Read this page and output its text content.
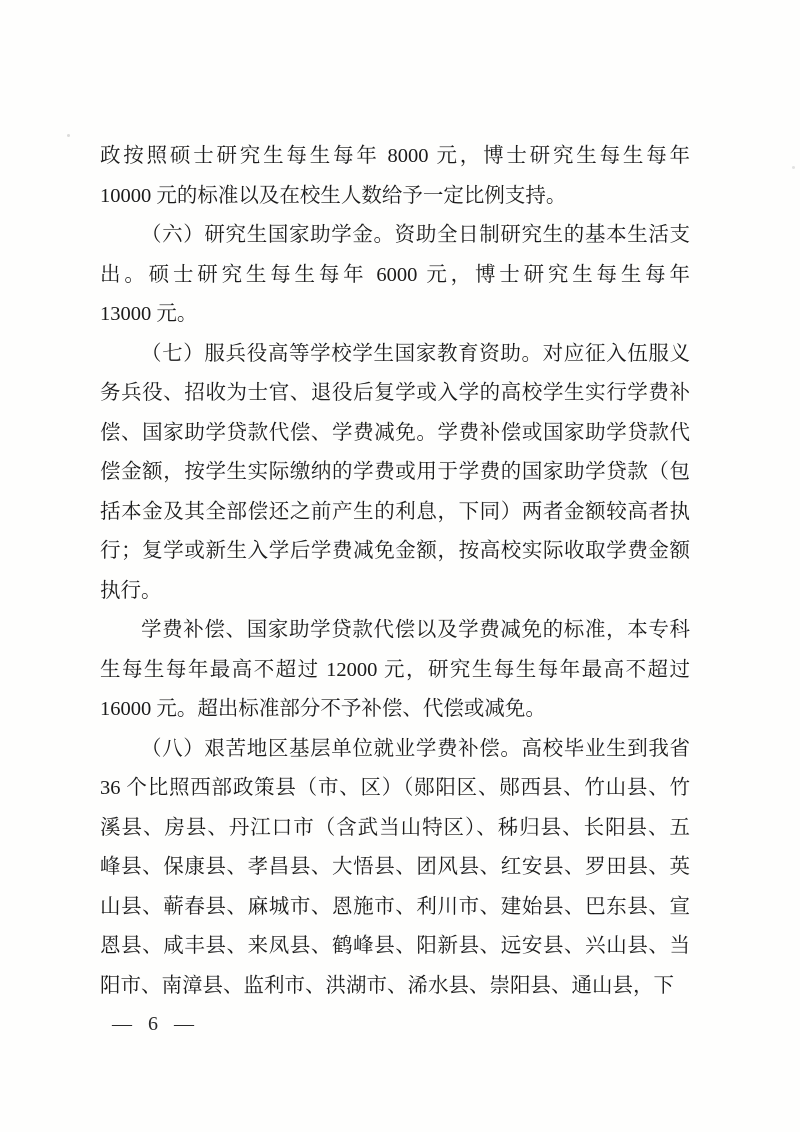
政按照硕士研究生每生每年 8000 元，博士研究生每生每年
10000 元的标准以及在校生人数给予一定比例支持。
（六）研究生国家助学金。资助全日制研究生的基本生活支
出。硕士研究生每生每年 6000 元，博士研究生每生每年
13000 元。
（七）服兵役高等学校学生国家教育资助。对应征入伍服义
务兵役、招收为士官、退役后复学或入学的高校学生实行学费补
偿、国家助学贷款代偿、学费减免。学费补偿或国家助学贷款代
偿金额，按学生实际缴纳的学费或用于学费的国家助学贷款（包
括本金及其全部偿还之前产生的利息，下同）两者金额较高者执
行；复学或新生入学后学费减免金额，按高校实际收取学费金额
执行。
学费补偿、国家助学贷款代偿以及学费减免的标准，本专科
生每生每年最高不超过 12000 元，研究生每生每年最高不超过
16000 元。超出标准部分不予补偿、代偿或减免。
（八）艰苦地区基层单位就业学费补偿。高校毕业生到我省
36 个比照西部政策县（市、区）（郧阳区、郧西县、竹山县、竹
溪县、房县、丹江口市（含武当山特区）、秭归县、长阳县、五
峰县、保康县、孝昌县、大悟县、团风县、红安县、罗田县、英
山县、蕲春县、麻城市、恩施市、利川市、建始县、巴东县、宣
恩县、咸丰县、来凤县、鹤峰县、阳新县、远安县、兴山县、当
阳市、南漳县、监利市、洪湖市、浠水县、崇阳县、通山县，下
— 6 —
